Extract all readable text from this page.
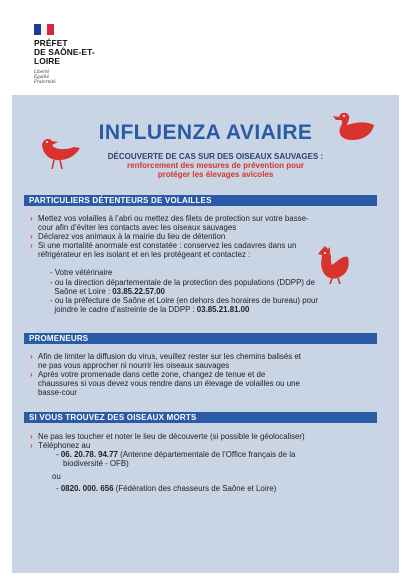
PRÉFET
DE SAÔNE-ET-LOIRE
Liberté
Égalité
Fraternité
INFLUENZA AVIAIRE
DÉCOUVERTE DE CAS SUR DES OISEAUX SAUVAGES :
renforcement des mesures de prévention pour
protéger les élevages avicoles
PARTICULIERS DÉTENTEURS DE VOLAILLES
› Mettez vos volailles à l’abri ou mettez des filets de protection sur votre basse-
cour afin d’éviter les contacts avec les oiseaux sauvages
› Déclarez vos animaux à la mairie du lieu de détention
› Si une mortalité anormale est constatée : conservez les cadavres dans un
réfrigérateur en les isolant et en les protégeant et contactez :
- Votre vétérinaire
- ou la direction départementale de la protection des populations (DDPP) de
Saône et Loire : 03.85.22.57.00
- ou la préfecture de Saône et Loire (en dehors des horaires de bureau) pour
joindre le cadre d’astreinte de la DDPP : 03.85.21.81.00
PROMENEURS
› Afin de limiter la diffusion du virus, veuillez rester sur les chemins balisés et
ne pas vous approcher ni nourrir les oiseaux sauvages
› Après votre promenade dans cette zone, changez de tenue et de
chaussures si vous devez vous rendre dans un élevage de volailles ou une
basse-cour
SI VOUS TROUVEZ DES OISEAUX MORTS
› Ne pas les toucher et noter le lieu de découverte (si possible le géolocaliser)
› Téléphonez au
- 06. 20.78. 94.77 (Antenne départementale de l’Office français de la
biodiversité - OFB)
ou
- 0820. 000. 656 (Fédération des chasseurs de Saône et Loire)
